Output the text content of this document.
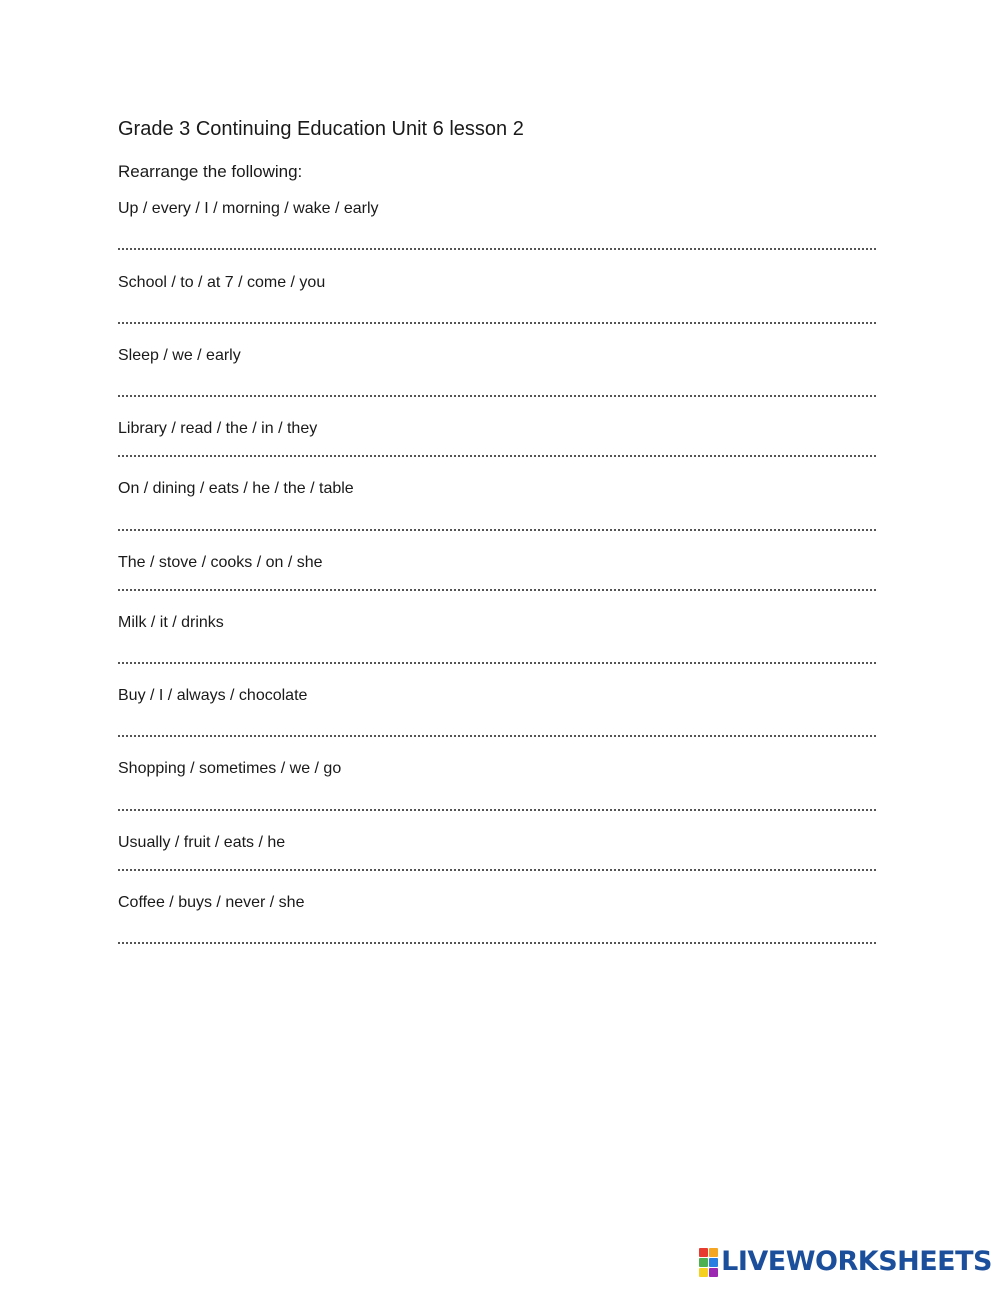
Grade 3 Continuing Education Unit 6 lesson 2
Rearrange the following:
Up / every / I / morning / wake / early
School / to / at 7 / come / you
Sleep / we / early
Library / read / the / in / they
On / dining / eats / he / the / table
The / stove / cooks / on / she
Milk / it / drinks
Buy / I / always / chocolate
Shopping / sometimes / we / go
Usually / fruit / eats / he
Coffee / buys / never / she
LIVEWORKSHEETS
